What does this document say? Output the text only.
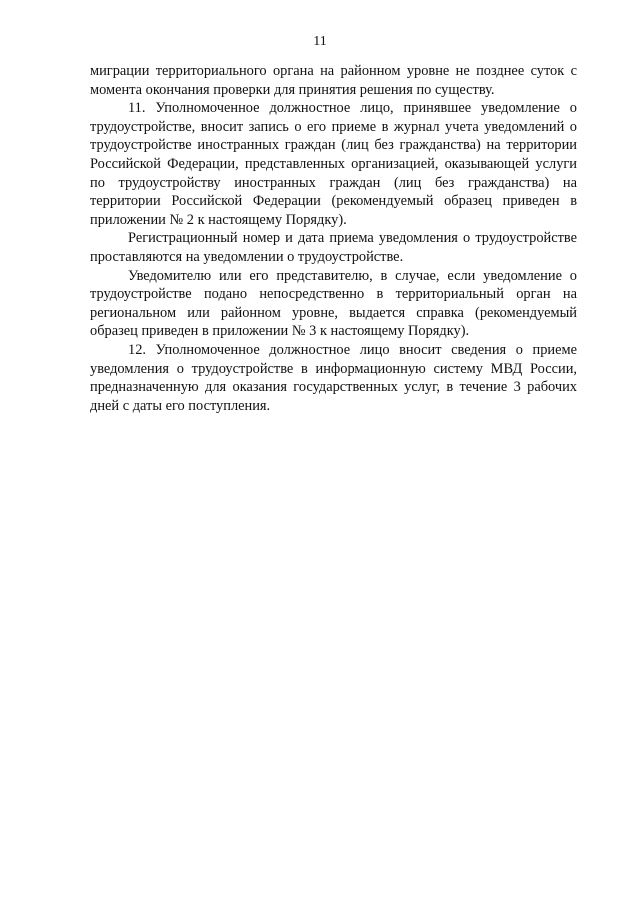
11

миграции территориального органа на районном уровне не позднее суток с момента окончания проверки для принятия решения по существу.

11. Уполномоченное должностное лицо, принявшее уведомление о трудоустройстве, вносит запись о его приеме в журнал учета уведомлений о трудоустройстве иностранных граждан (лиц без гражданства) на территории Российской Федерации, представленных организацией, оказывающей услуги по трудоустройству иностранных граждан (лиц без гражданства) на территории Российской Федерации (рекомендуемый образец приведен в приложении № 2 к настоящему Порядку).

Регистрационный номер и дата приема уведомления о трудоустройстве проставляются на уведомлении о трудоустройстве.

Уведомителю или его представителю, в случае, если уведомление о трудоустройстве подано непосредственно в территориальный орган на региональном или районном уровне, выдается справка (рекомендуемый образец приведен в приложении № 3 к настоящему Порядку).

12. Уполномоченное должностное лицо вносит сведения о приеме уведомления о трудоустройстве в информационную систему МВД России, предназначенную для оказания государственных услуг, в течение 3 рабочих дней с даты его поступления.
